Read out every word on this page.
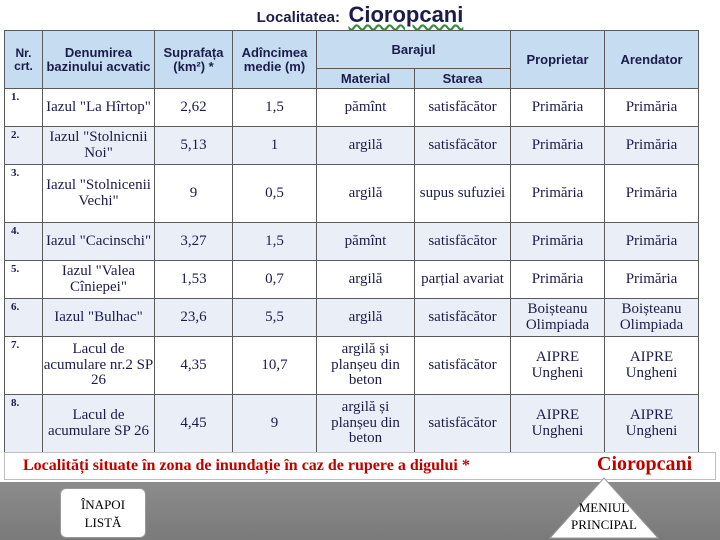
Localitatea: Cioropcani
Nr. crt.	Denumirea bazinului acvatic	Suprafața (km²) *	Adîncimea medie (m)	Barajul		Proprietar	Arendator
				Material	Starea		
1.	Iazul "La Hîrtop"	2,62	1,5	pămînt	satisfăcător	Primăria	Primăria
2.	Iazul "Stolnicnii Noi"	5,13	1	argilă	satisfăcător	Primăria	Primăria
3.	Iazul "Stolnicenii Vechi"	9	0,5	argilă	supus sufuziei	Primăria	Primăria
4.	Iazul "Cacinschi"	3,27	1,5	pămînt	satisfăcător	Primăria	Primăria
5.	Iazul "Valea Cîniepei"	1,53	0,7	argilă	parțial avariat	Primăria	Primăria
6.	Iazul "Bulhac"	23,6	5,5	argilă	satisfăcător	Boișteanu Olimpiada	Boișteanu Olimpiada
7.	Lacul de acumulare nr.2 SP 26	4,35	10,7	argilă și planșeu din beton	satisfăcător	AIPRE Ungheni	AIPRE Ungheni
8.	Lacul de acumulare SP 26	4,45	9	argilă și planșeu din beton	satisfăcător	AIPRE Ungheni	AIPRE Ungheni
Localități situate în zona de inundație în caz de rupere a digului *	Cioropcani
ÎNAPOI LISTĂ
MENIUL PRINCIPAL
